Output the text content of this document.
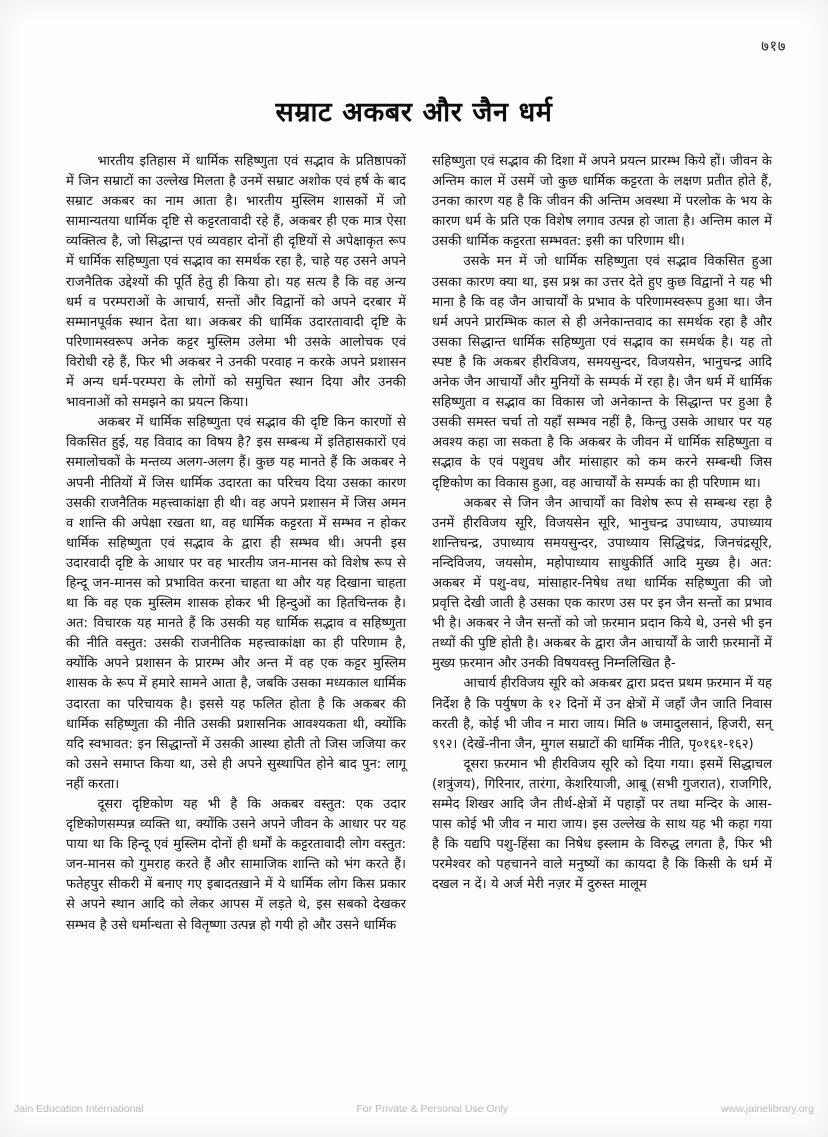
७१७
सम्राट अकबर और जैन धर्म

भारतीय इतिहास में धार्मिक सहिष्णुता एवं सद्भाव के प्रतिष्ठापकों में जिन सम्राटों का उल्लेख मिलता है उनमें सम्राट अशोक एवं हर्ष के बाद सम्राट अकबर का नाम आता है। भारतीय मुस्लिम शासकों में जो सामान्यतया धार्मिक दृष्टि से कट्टरतावादी रहे हैं, अकबर ही एक मात्र ऐसा व्यक्तित्व है, जो सिद्धान्त एवं व्यवहार दोनों ही दृष्टियों से अपेक्षाकृत रूप में धार्मिक सहिष्णुता एवं सद्भाव का समर्थक रहा है, चाहे यह उसने अपने राजनैतिक उद्देश्यों की पूर्ति हेतु ही किया हो। यह सत्य है कि वह अन्य धर्म व परम्पराओं के आचार्य, सन्तों और विद्वानों को अपने दरबार में सम्मानपूर्वक स्थान देता था। अकबर की धार्मिक उदारतावादी दृष्टि के परिणामस्वरूप अनेक कट्टर मुस्लिम उलेमा भी उसके आलोचक एवं विरोधी रहे हैं, फिर भी अकबर ने उनकी परवाह न करके अपने प्रशासन में अन्य धर्म-परम्परा के लोगों को समुचित स्थान दिया और उनकी भावनाओं को समझने का प्रयत्न किया।

अकबर में धार्मिक सहिष्णुता एवं सद्भाव की दृष्टि किन कारणों से विकसित हुई, यह विवाद का विषय है? इस सम्बन्ध में इतिहासकारों एवं समालोचकों के मन्तव्य अलग-अलग हैं। कुछ यह मानते हैं कि अकबर ने अपनी नीतियों में जिस धार्मिक उदारता का परिचय दिया उसका कारण उसकी राजनैतिक महत्त्वाकांक्षा ही थी। वह अपने प्रशासन में जिस अमन व शान्ति की अपेक्षा रखता था, वह धार्मिक कट्टरता में सम्भव न होकर धार्मिक सहिष्णुता एवं सद्भाव के द्वारा ही सम्भव थी। अपनी इस उदारवादी दृष्टि के आधार पर वह भारतीय जन-मानस को विशेष रूप से हिन्दू जन-मानस को प्रभावित करना चाहता था और यह दिखाना चाहता था कि वह एक मुस्लिम शासक होकर भी हिन्दुओं का हितचिन्तक है। अत: विचारक यह मानते हैं कि उसकी यह धार्मिक सद्भाव व सहिष्णुता की नीति वस्तुत: उसकी राजनीतिक महत्त्वाकांक्षा का ही परिणाम है, क्योंकि अपने प्रशासन के प्रारम्भ और अन्त में वह एक कट्टर मुस्लिम शासक के रूप में हमारे सामने आता है, जबकि उसका मध्यकाल धार्मिक उदारता का परिचायक है। इससे यह फलित होता है कि अकबर की धार्मिक सहिष्णुता की नीति उसकी प्रशासनिक आवश्यकता थी, क्योंकि यदि स्वभावत: इन सिद्धान्तों में उसकी आस्था होती तो जिस जजिया कर को उसने समाप्त किया था, उसे ही अपने सुस्थापित होने बाद पुन: लागू नहीं करता।

दूसरा दृष्टिकोण यह भी है कि अकबर वस्तुत: एक उदार दृष्टिकोणसम्पन्न व्यक्ति था, क्योंकि उसने अपने जीवन के आधार पर यह पाया था कि हिन्दू एवं मुस्लिम दोनों ही धर्मों के कट्टरतावादी लोग वस्तुत: जन-मानस को गुमराह करते हैं और सामाजिक शान्ति को भंग करते हैं। फतेहपुर सीकरी में बनाए गए इबादतख़ाने में ये धार्मिक लोग किस प्रकार से अपने स्थान आदि को लेकर आपस में लड़ते थे, इस सबको देखकर सम्भव है उसे धर्मान्धता से वितृष्णा उत्पन्न हो गयी हो और उसने धार्मिक

सहिष्णुता एवं सद्भाव की दिशा में अपने प्रयत्न प्रारम्भ किये हों। जीवन के अन्तिम काल में उसमें जो कुछ धार्मिक कट्टरता के लक्षण प्रतीत होते हैं, उनका कारण यह है कि जीवन की अन्तिम अवस्था में परलोक के भय के कारण धर्म के प्रति एक विशेष लगाव उत्पन्न हो जाता है। अन्तिम काल में उसकी धार्मिक कट्टरता सम्भवत: इसी का परिणाम थी।

उसके मन में जो धार्मिक सहिष्णुता एवं सद्भाव विकसित हुआ उसका कारण क्या था, इस प्रश्न का उत्तर देते हुए कुछ विद्वानों ने यह भी माना है कि वह जैन आचार्यों के प्रभाव के परिणामस्वरूप हुआ था। जैन धर्म अपने प्रारम्भिक काल से ही अनेकान्तवाद का समर्थक रहा है और उसका सिद्धान्त धार्मिक सहिष्णुता एवं सद्भाव का समर्थक है। यह तो स्पष्ट है कि अकबर हीरविजय, समयसुन्दर, विजयसेन, भानुचन्द्र आदि अनेक जैन आचार्यों और मुनियों के सम्पर्क में रहा है। जैन धर्म में धार्मिक सहिष्णुता व सद्भाव का विकास जो अनेकान्त के सिद्धान्त पर हुआ है उसकी समस्त चर्चा तो यहाँ सम्भव नहीं है, किन्तु उसके आधार पर यह अवश्य कहा जा सकता है कि अकबर के जीवन में धार्मिक सहिष्णुता व सद्भाव के एवं पशुवध और मांसाहार को कम करने सम्बन्धी जिस दृष्टिकोण का विकास हुआ, वह आचार्यों के सम्पर्क का ही परिणाम था।

अकबर से जिन जैन आचार्यों का विशेष रूप से सम्बन्ध रहा है उनमें हीरविजय सूरि, विजयसेन सूरि, भानुचन्द्र उपाध्याय, उपाध्याय शान्तिचन्द्र, उपाध्याय समयसुन्दर, उपाध्याय सिद्धिचंद्र, जिनचंद्रसूरि, नन्दिविजय, जयसोम, महोपाध्याय साधुकीर्ति आदि मुख्य है। अत: अकबर में पशु-वध, मांसाहार-निषेध तथा धार्मिक सहिष्णुता की जो प्रवृत्ति देखी जाती है उसका एक कारण उस पर इन जैन सन्तों का प्रभाव भी है। अकबर ने जैन सन्तों को जो फ़रमान प्रदान किये थे, उनसे भी इन तथ्यों की पुष्टि होती है। अकबर के द्वारा जैन आचार्यों के जारी फ़रमानों में मुख्य फ़रमान और उनकी विषयवस्तु निम्नलिखित है-

आचार्य हीरविजय सूरि को अकबर द्वारा प्रदत्त प्रथम फ़रमान में यह निर्देश है कि पर्युषण के १२ दिनों में उन क्षेत्रों में जहाँ जैन जाति निवास करती है, कोई भी जीव न मारा जाय। मिति ७ जमादुलसानं, हिजरी, सन् ९९२। (देखें-नीना जैन, मुगल सम्राटों की धार्मिक नीति, पृ०१६१-१६२)

दूसरा फ़रमान भी हीरविजय सूरि को दिया गया। इसमें सिद्धाचल (शत्रुंजय), गिरिनार, तारंगा, केशरियाजी, आबू (सभी गुजरात), राजगिरि, सम्मेद शिखर आदि जैन तीर्थ-क्षेत्रों में पहाड़ों पर तथा मन्दिर के आस-पास कोई भी जीव न मारा जाय। इस उल्लेख के साथ यह भी कहा गया है कि यद्यपि पशु-हिंसा का निषेध इस्लाम के विरुद्ध लगता है, फिर भी परमेश्वर को पहचानने वाले मनुष्यों का कायदा है कि किसी के धर्म में दखल न दें। ये अर्ज मेरी नज़र में दुरुस्त मालूम

Jain Education International	For Private & Personal Use Only	www.jainelibrary.org
